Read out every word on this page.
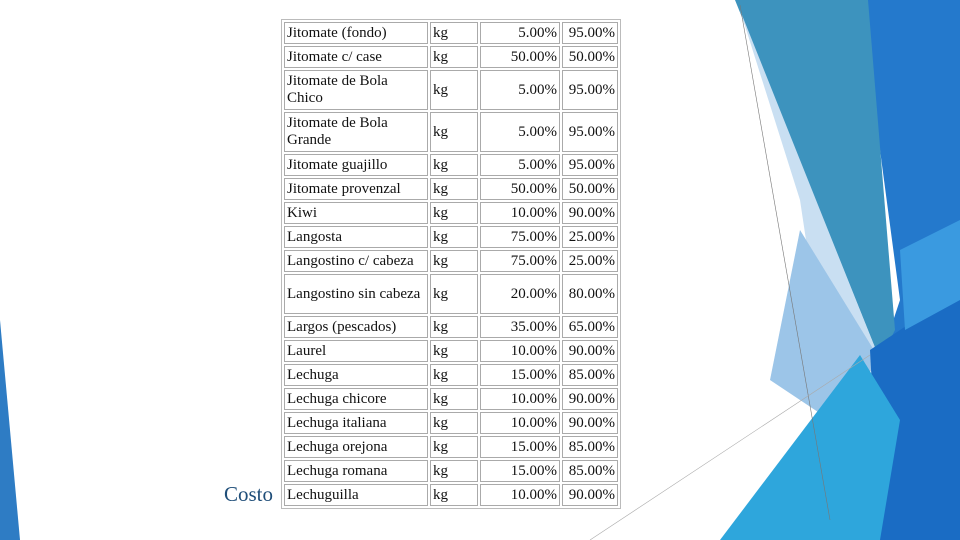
Costo
Jitomate (fondo)	kg	5.00%	95.00%
Jitomate c/ case	kg	50.00%	50.00%
Jitomate de Bola Chico	kg	5.00%	95.00%
Jitomate de Bola Grande	kg	5.00%	95.00%
Jitomate guajillo	kg	5.00%	95.00%
Jitomate provenzal	kg	50.00%	50.00%
Kiwi	kg	10.00%	90.00%
Langosta	kg	75.00%	25.00%
Langostino c/ cabeza	kg	75.00%	25.00%
Langostino sin cabeza	kg	20.00%	80.00%
Largos (pescados)	kg	35.00%	65.00%
Laurel	kg	10.00%	90.00%
Lechuga	kg	15.00%	85.00%
Lechuga chicore	kg	10.00%	90.00%
Lechuga italiana	kg	10.00%	90.00%
Lechuga orejona	kg	15.00%	85.00%
Lechuga romana	kg	15.00%	85.00%
Lechuguilla	kg	10.00%	90.00%
